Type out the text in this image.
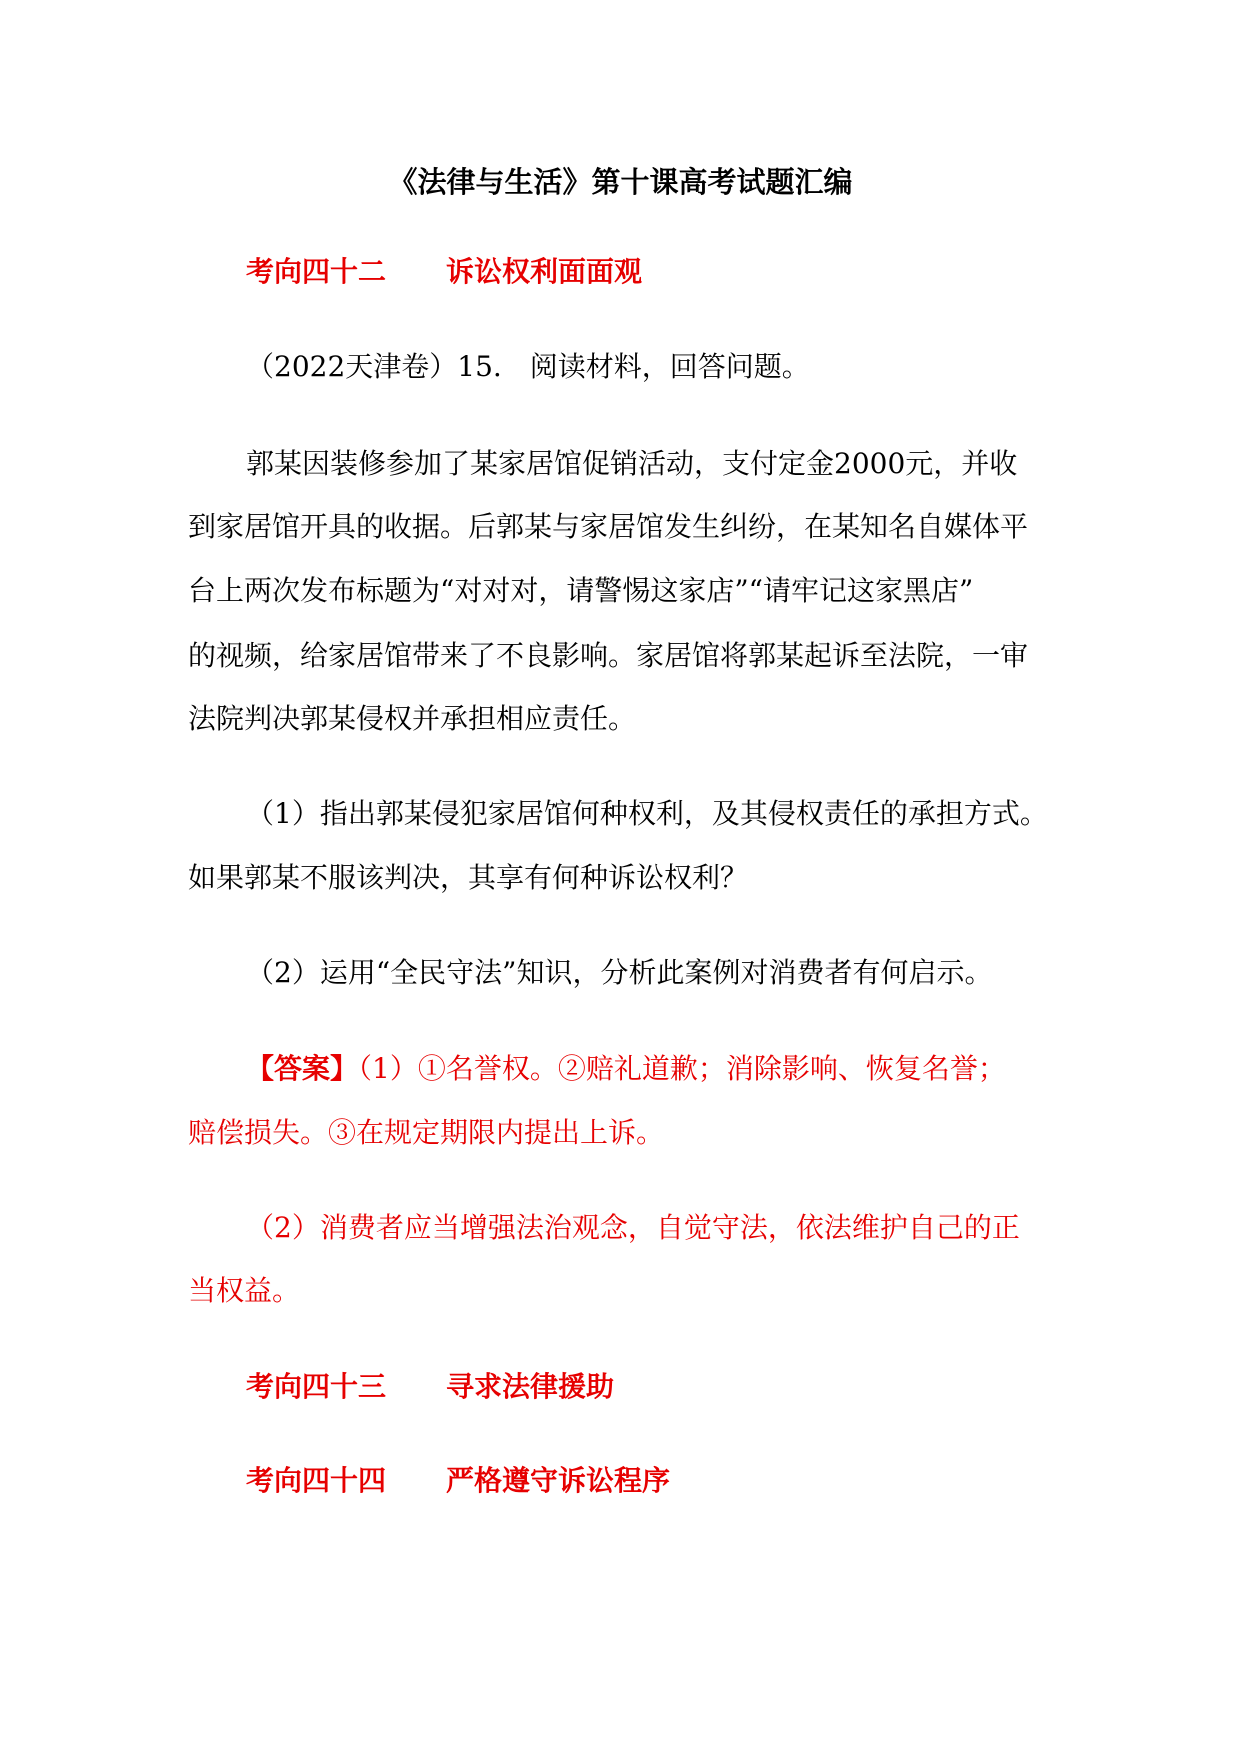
《法律与生活》第十课高考试题汇编
考向四十二 诉讼权利面面观
（2022天津卷）15.　阅读材料，回答问题。
郭某因装修参加了某家居馆促销活动，支付定金2000元，并收
到家居馆开具的收据。后郭某与家居馆发生纠纷，在某知名自媒体平
台上两次发布标题为“对对对，请警惕这家店”“请牢记这家黑店”
的视频，给家居馆带来了不良影响。家居馆将郭某起诉至法院，一审
法院判决郭某侵权并承担相应责任。
（1）指出郭某侵犯家居馆何种权利，及其侵权责任的承担方式。
如果郭某不服该判决，其享有何种诉讼权利？
（2）运用“全民守法”知识，分析此案例对消费者有何启示。
【答案】（1）①名誉权。②赔礼道歉；消除影响、恢复名誉；
赔偿损失。③在规定期限内提出上诉。
（2）消费者应当增强法治观念，自觉守法，依法维护自己的正
当权益。
考向四十三 寻求法律援助
考向四十四 严格遵守诉讼程序
